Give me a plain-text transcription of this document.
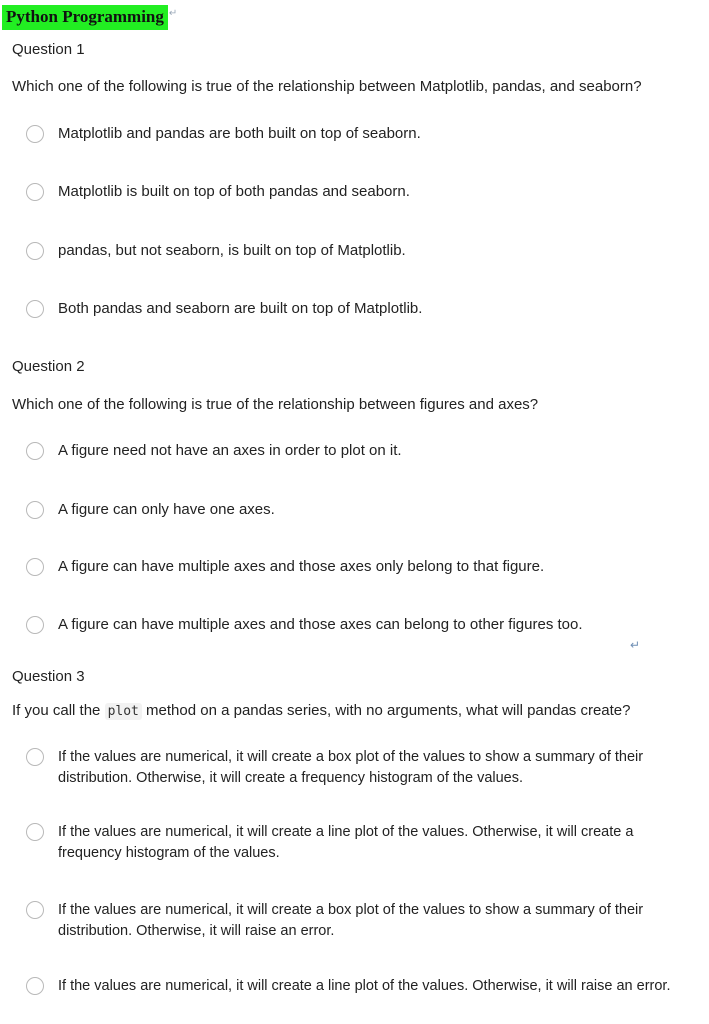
Python Programming ↵
Question 1
Which one of the following is true of the relationship between Matplotlib, pandas, and seaborn?
Matplotlib and pandas are both built on top of seaborn.
Matplotlib is built on top of both pandas and seaborn.
pandas, but not seaborn, is built on top of Matplotlib.
Both pandas and seaborn are built on top of Matplotlib.
Question 2
Which one of the following is true of the relationship between figures and axes?
A figure need not have an axes in order to plot on it.
A figure can only have one axes.
A figure can have multiple axes and those axes only belong to that figure.
A figure can have multiple axes and those axes can belong to other figures too.
↵
Question 3
If you call the plot method on a pandas series, with no arguments, what will pandas create?
If the values are numerical, it will create a box plot of the values to show a summary of their distribution. Otherwise, it will create a frequency histogram of the values.
If the values are numerical, it will create a line plot of the values. Otherwise, it will create a frequency histogram of the values.
If the values are numerical, it will create a box plot of the values to show a summary of their distribution. Otherwise, it will raise an error.
If the values are numerical, it will create a line plot of the values. Otherwise, it will raise an error.
